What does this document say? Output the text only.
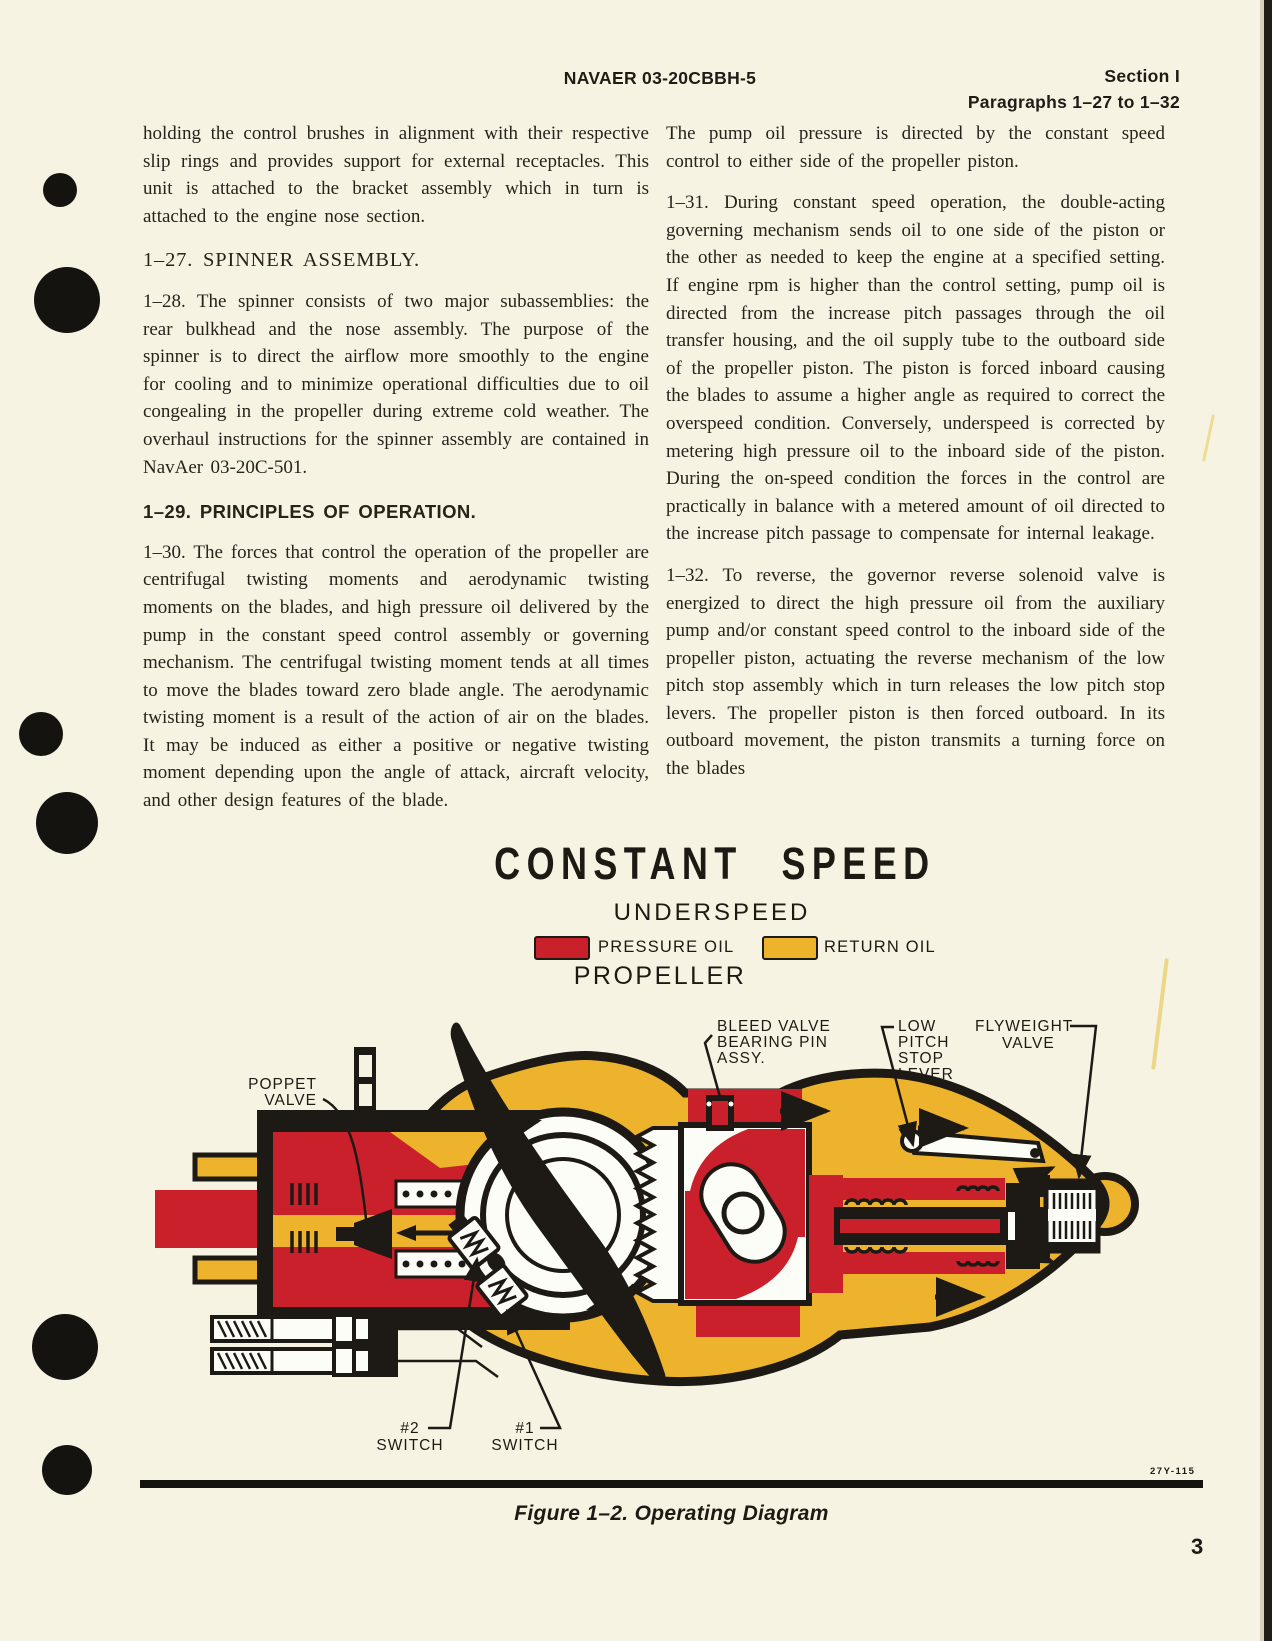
NAVAER 03-20CBBH-5	Section I
Paragraphs 1–27 to 1–32

holding the control brushes in alignment with their respective slip rings and provides support for external receptacles. This unit is attached to the bracket assembly which in turn is attached to the engine nose section.

1–27. SPINNER ASSEMBLY.

1–28. The spinner consists of two major subassemblies: the rear bulkhead and the nose assembly. The purpose of the spinner is to direct the airflow more smoothly to the engine for cooling and to minimize operational difficulties due to oil congealing in the propeller during extreme cold weather. The overhaul instructions for the spinner assembly are contained in NavAer 03-20C-501.

1–29. PRINCIPLES OF OPERATION.

1–30. The forces that control the operation of the propeller are centrifugal twisting moments and aerodynamic twisting moments on the blades, and high pressure oil delivered by the pump in the constant speed control assembly or governing mechanism. The centrifugal twisting moment tends at all times to move the blades toward zero blade angle. The aerodynamic twisting moment is a result of the action of air on the blades. It may be induced as either a positive or negative twisting moment depending upon the angle of attack, aircraft velocity, and other design features of the blade.

The pump oil pressure is directed by the constant speed control to either side of the propeller piston.

1–31. During constant speed operation, the double-acting governing mechanism sends oil to one side of the piston or the other as needed to keep the engine at a specified setting. If engine rpm is higher than the control setting, pump oil is directed from the increase pitch passages through the oil transfer housing, and the oil supply tube to the outboard side of the propeller piston. The piston is forced inboard causing the blades to assume a higher angle as required to correct the overspeed condition. Conversely, underspeed is corrected by metering high pressure oil to the inboard side of the piston. During the on-speed condition the forces in the control are practically in balance with a metered amount of oil directed to the increase pitch passage to compensate for internal leakage.

1–32. To reverse, the governor reverse solenoid valve is energized to direct the high pressure oil from the auxiliary pump and/or constant speed control to the inboard side of the propeller piston, actuating the reverse mechanism of the low pitch stop assembly which in turn releases the low pitch stop levers. The propeller piston is then forced outboard. In its outboard movement, the piston transmits a turning force on the blades

CONSTANT SPEED
UNDERSPEED
PRESSURE OIL	RETURN OIL
PROPELLER
POPPET
VALVE
BLEED VALVE
BEARING PIN
ASSY.
LOW
PITCH
STOP
LEVER
FLYWEIGHT
VALVE
#2
SWITCH
#1
SWITCH
27Y-115
Figure 1–2. Operating Diagram
3
